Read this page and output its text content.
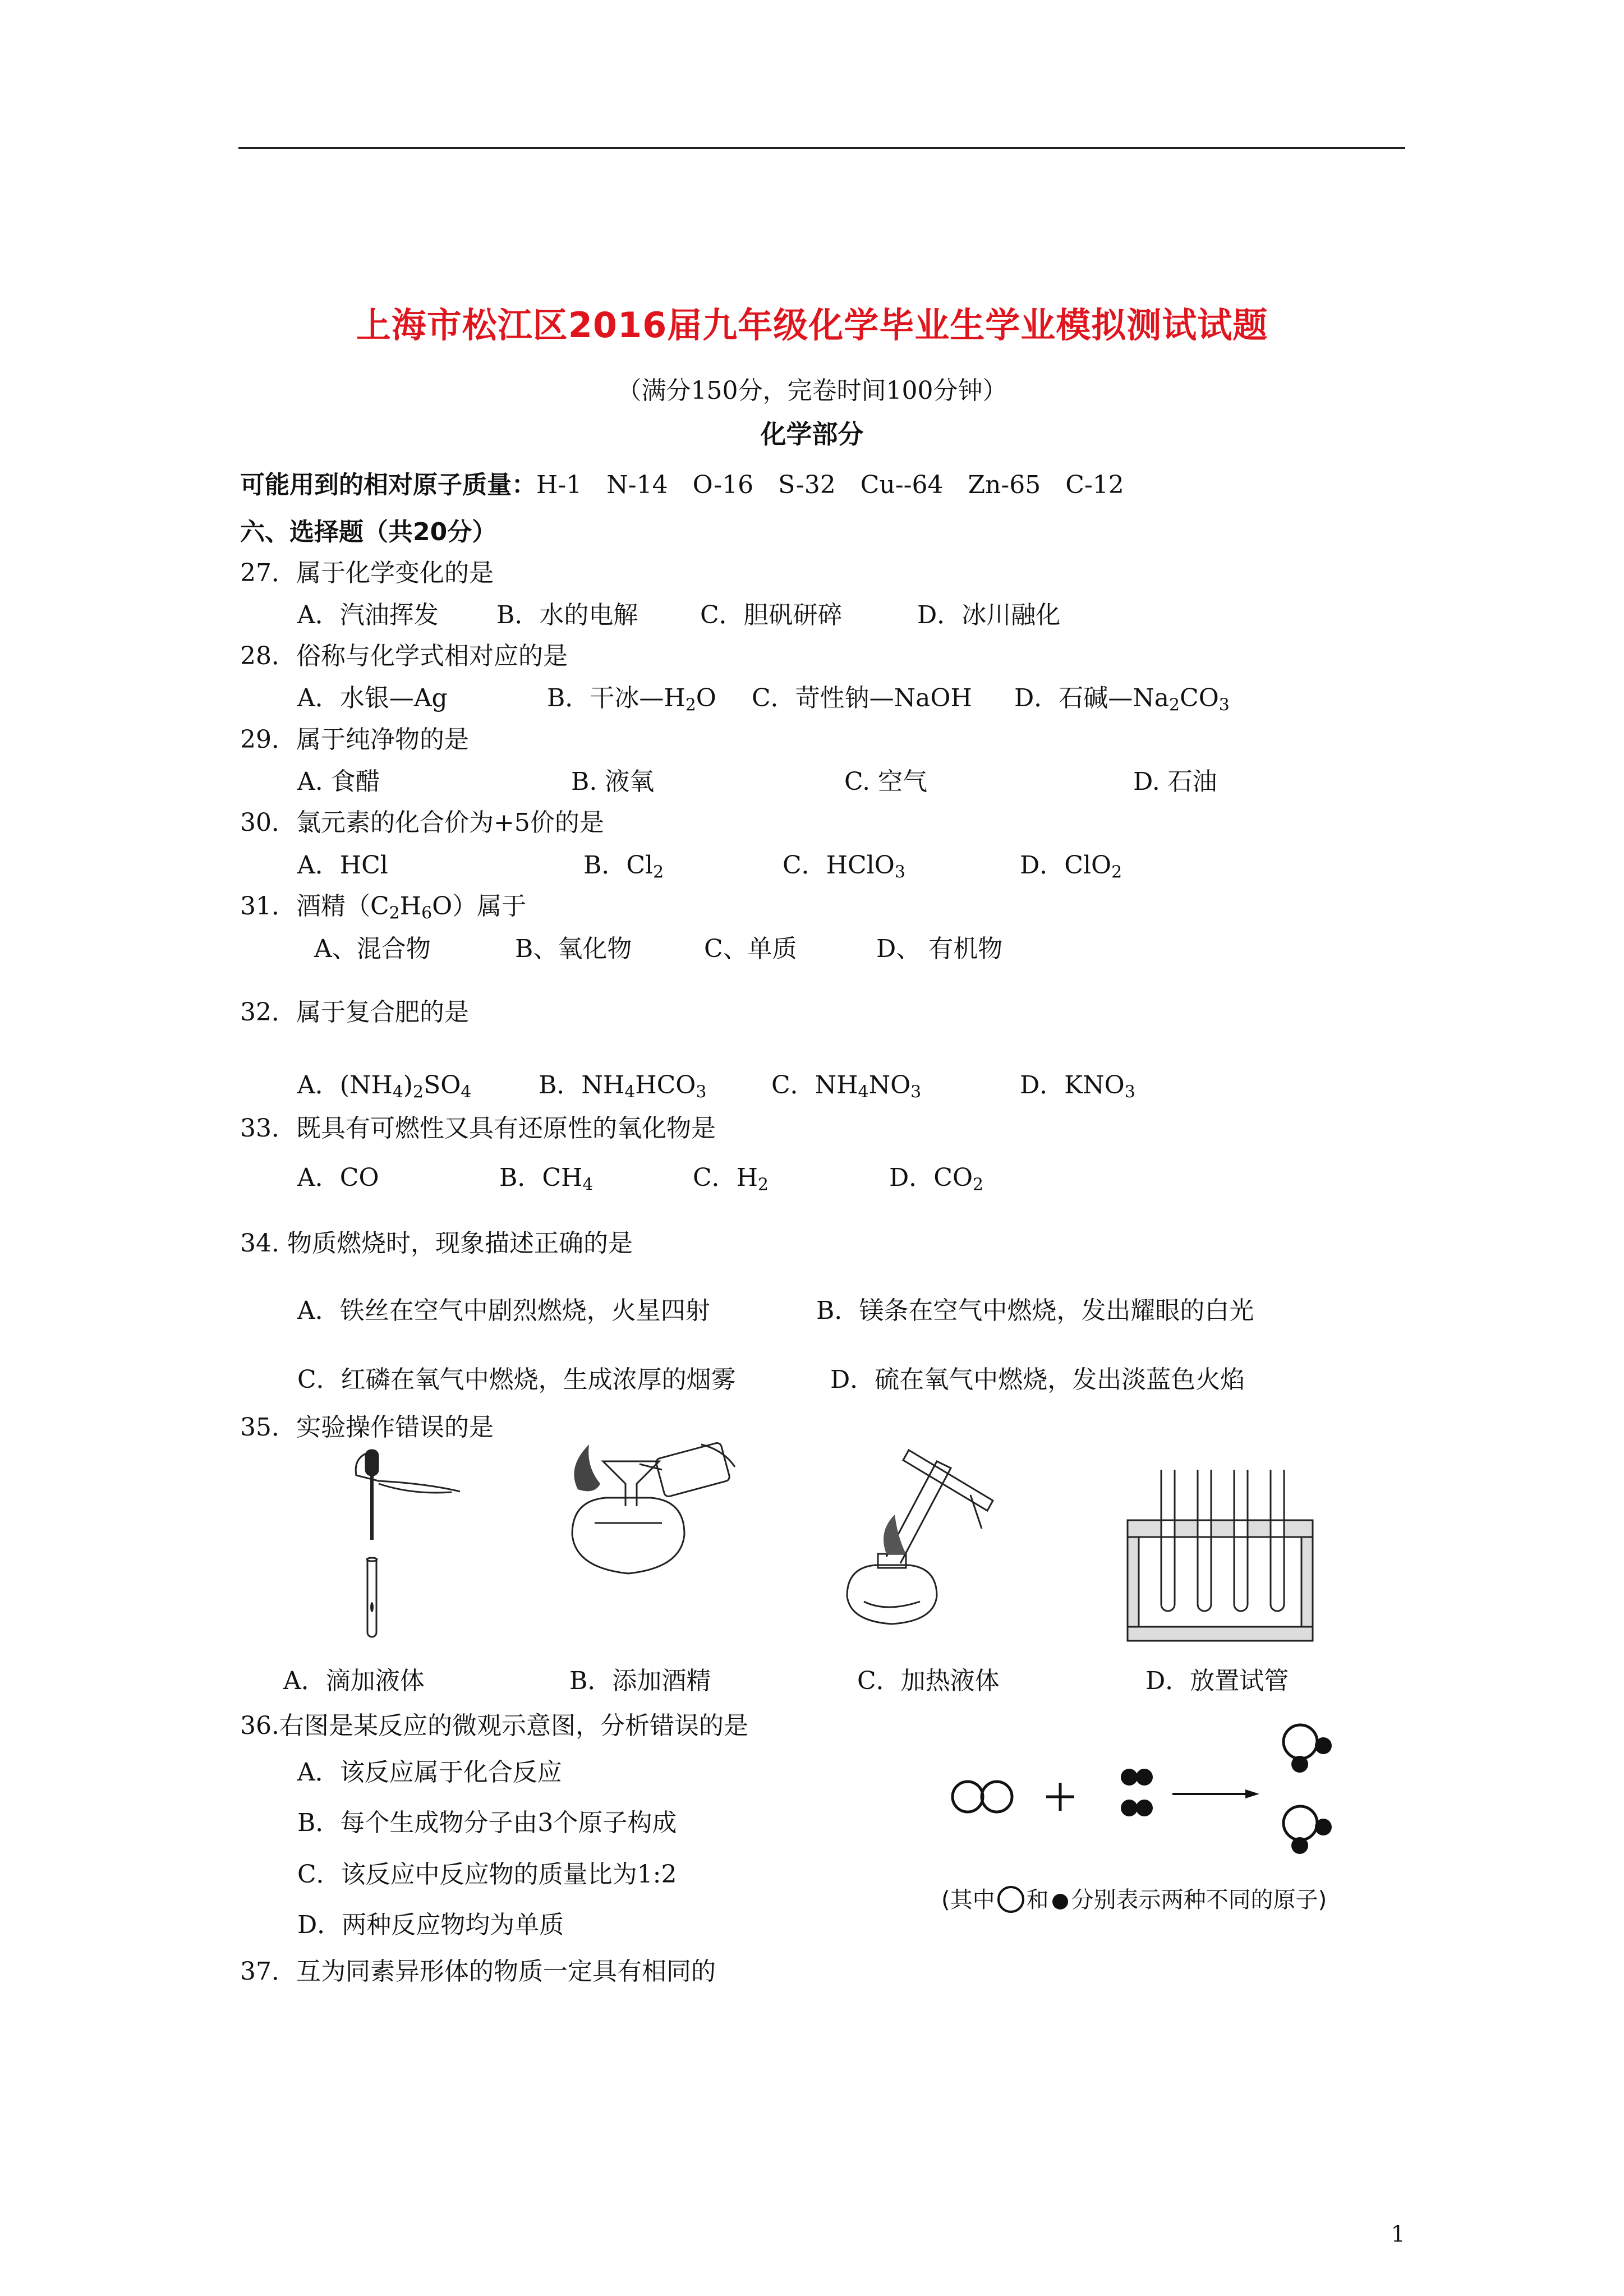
上海市松江区2016届九年级化学毕业生学业模拟测试试题
（满分150分，完卷时间100分钟）
化学部分
可能用到的相对原子质量：H-1　N-14　O-16　S-32　Cu--64　Zn-65　C-12
六、选择题（共20分）
27．属于化学变化的是
A．汽油挥发 B．水的电解	C．胆矾研碎	D．冰川融化
28．俗称与化学式相对应的是
A．水银—Ag	B．干冰$—H_2O$ C．苛性钠—NaOH D．石碱$—Na_2CO_3$
29．属于纯净物的是
A. 食醋	B. 液氧	C. 空气	D. 石油
30．氯元素的化合价为+5价的是
A．HCl	B．$Cl_2$	C．HClO$_3$	D．ClO$_2$
31．酒精$(C_2H_6O)$属于
A、混合物	B、氧化物	C、单质	D、 有机物
32．属于复合肥的是
A．$(NH_4)_2SO_4$	B．$NH_4HCO_3$	C．$NH_4NO_3$	D．$KNO_3$
33．既具有可燃性又具有还原性的氧化物是
A．CO	B．$CH_4$	C．$H_2$	D．$CO_2$
34. 物质燃烧时，现象描述正确的是
A．铁丝在空气中剧烈燃烧，火星四射	B．镁条在空气中燃烧，发出耀眼的白光
C．红磷在氧气中燃烧，生成浓厚的烟雾	D．硫在氧气中燃烧，发出淡蓝色火焰
35．实验操作错误的是
A．滴加液体	B．添加酒精	C．加热液体	D．放置试管
36.右图是某反应的微观示意图，分析错误的是
A．该反应属于化合反应
B．每个生成物分子由3个原子构成
C．该反应中反应物的质量比为1:2
D．两种反应物均为单质
(其中 和 分别表示两种不同的原子)
37．互为同素异形体的物质一定具有相同的
1
